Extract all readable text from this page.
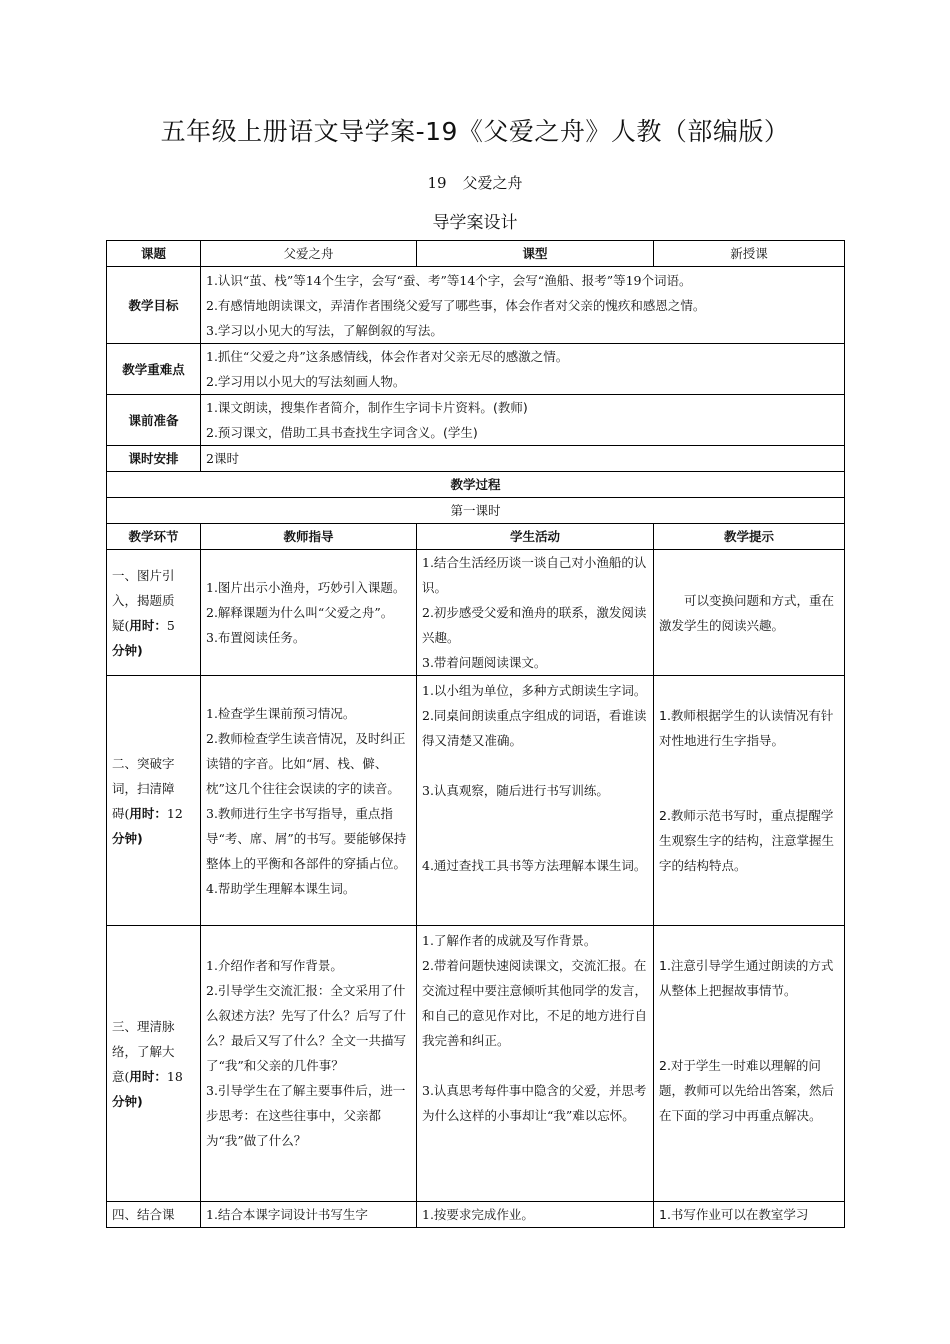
五年级上册语文导学案-19《父爱之舟》人教（部编版）
19 父爱之舟
导学案设计
课题	父爱之舟	课型	新授课
教学目标	1.认识“茧、栈”等14个生字，会写“蚕、考”等14个字，会写“渔船、报考”等19个词语。
2.有感情地朗读课文，弄清作者围绕父爱写了哪些事，体会作者对父亲的愧疚和感恩之情。
3.学习以小见大的写法，了解倒叙的写法。		

教学重难点	1.抓住“父爱之舟”这条感情线，体会作者对父亲无尽的感激之情。
2.学习用以小见大的写法刻画人物。		

课前准备	1.课文朗读，搜集作者简介，制作生字词卡片资料。(教师)
2.预习课文，借助工具书查找生字词含义。(学生)		

课时安排	2课时		
教学过程			
第一课时			
教学环节	教师指导	学生活动	教学提示

一、图片引
入，揭题质
疑(用时：5
分钟)	1.图片出示小渔舟，巧妙引入课题。
2.解释课题为什么叫“父爱之舟”。
3.布置阅读任务。	1.结合生活经历谈一谈自己对小渔船的认识。
2.初步感受父爱和渔舟的联系，激发阅读兴趣。
3.带着问题阅读课文。	可以变换问题和方式，重在激发学生的阅读兴趣。

二、突破字
词，扫清障
碍(用时：12
分钟)	1.检查学生课前预习情况。
2.教师检查学生读音情况，及时纠正读错的字音。比如“屑、栈、僻、枕”这几个往往会误读的字的读音。
3.教师进行生字书写指导，重点指导“考、席、屑”的书写。要能够保持整体上的平衡和各部件的穿插占位。
4.帮助学生理解本课生词。	1.以小组为单位，多种方式朗读生字词。
2.同桌间朗读重点字组成的词语，看谁读得又清楚又准确。
3.认真观察，随后进行书写训练。
4.通过查找工具书等方法理解本课生词。	1.教师根据学生的认读情况有针对性地进行生字指导。
2.教师示范书写时，重点提醒学生观察生字的结构，注意掌握生字的结构特点。

三、理清脉
络，了解大
意(用时：18
分钟)	1.介绍作者和写作背景。
2.引导学生交流汇报：全文采用了什么叙述方法？先写了什么？后写了什么？最后又写了什么？全文一共描写了“我”和父亲的几件事？
3.引导学生在了解主要事件后，进一步思考：在这些往事中，父亲都为“我”做了什么？	1.了解作者的成就及写作背景。
2.带着问题快速阅读课文，交流汇报。在交流过程中要注意倾听其他同学的发言，和自己的意见作对比，不足的地方进行自我完善和纠正。
3.认真思考每件事中隐含的父爱，并思考为什么这样的小事却让“我”难以忘怀。	1.注意引导学生通过朗读的方式从整体上把握故事情节。
2.对于学生一时难以理解的问题，教师可以先给出答案，然后在下面的学习中再重点解决。

四、结合课	1.结合本课字词设计书写生字	1.按要求完成作业。	1.书写作业可以在教室学习
